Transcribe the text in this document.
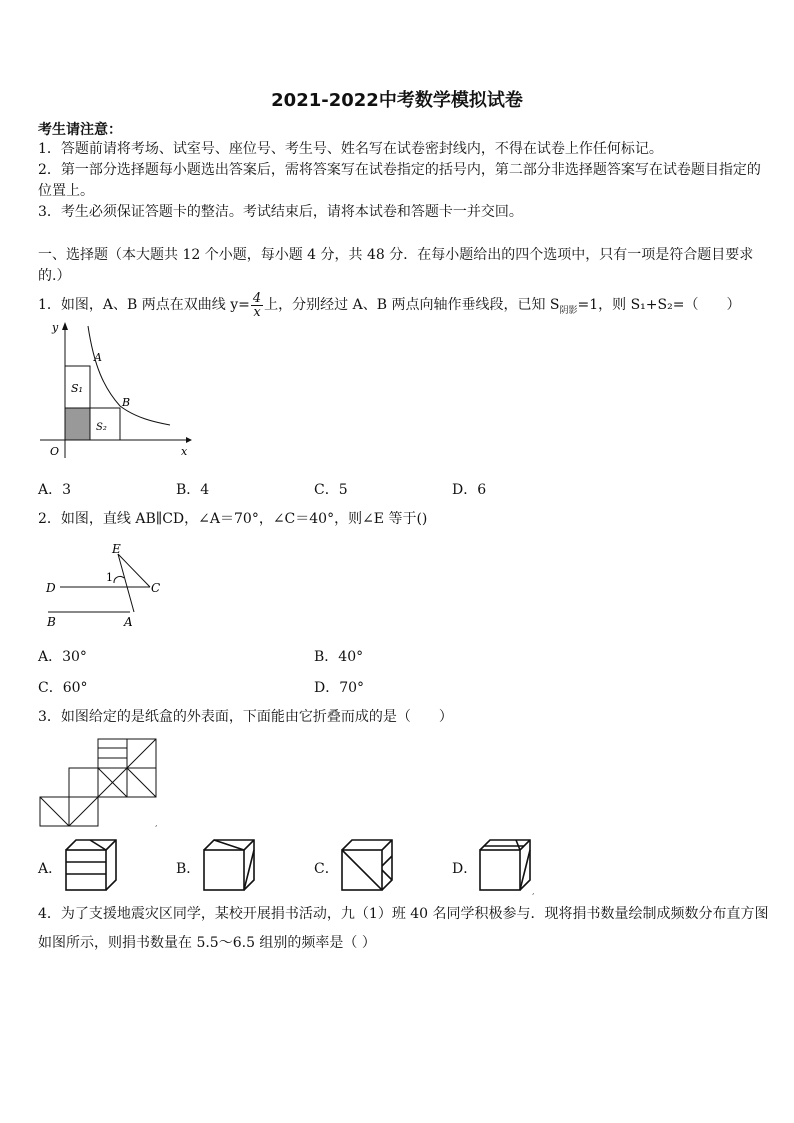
2021-2022中考数学模拟试卷
考生请注意：
1．答题前请将考场、试室号、座位号、考生号、姓名写在试卷密封线内，不得在试卷上作任何标记。
2．第一部分选择题每小题选出答案后，需将答案写在试卷指定的括号内，第二部分非选择题答案写在试卷题目指定的
位置上。
3．考生必须保证答题卡的整洁。考试结束后，请将本试卷和答题卡一并交回。
一、选择题（本大题共 12 个小题，每小题 4 分，共 48 分．在每小题给出的四个选项中，只有一项是符合题目要求
的.）
1．如图，A、B 两点在双曲线 $y= \frac{4}{x}$ 上，分别经过 A、B 两点向轴作垂线段，已知 $S_{阴影}=1$，则 S₁+S₂=（　　）
A
B
S₁
S₂
O
y
x
A．3	B．4	C．5	D．6
2．如图，直线 AB∥CD，∠A＝70°，∠C＝40°，则∠E 等于()
E
D	C
B	A
1
A．30°	B．40°
C．60°	D．70°
3．如图给定的是纸盒的外表面，下面能由它折叠而成的是（　　）
,
A．	B．	C．	D．
,
4．为了支援地震灾区同学，某校开展捐书活动，九（1）班 40 名同学积极参与．现将捐书数量绘制成频数分布直方图
如图所示，则捐书数量在 5.5～6.5 组别的频率是（ ）
